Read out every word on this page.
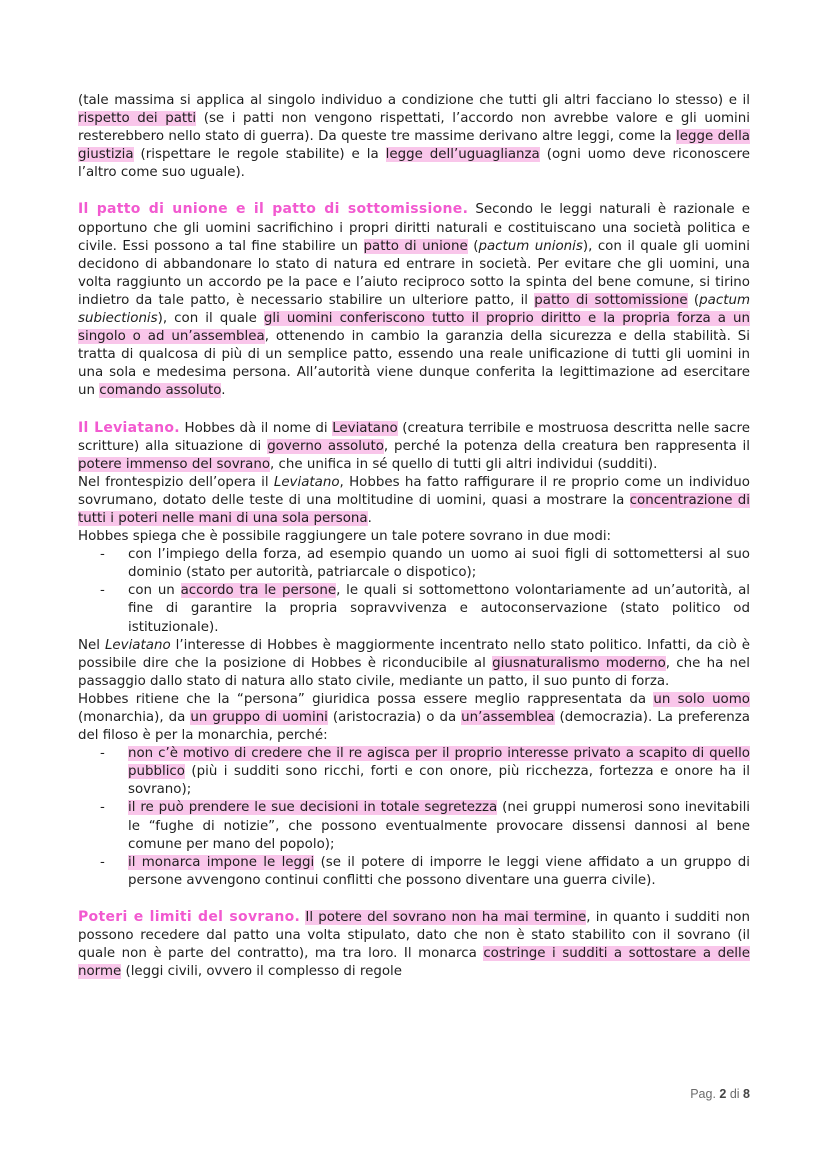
(tale massima si applica al singolo individuo a condizione che tutti gli altri facciano lo stesso) e il rispetto dei patti (se i patti non vengono rispettati, l’accordo non avrebbe valore e gli uomini resterebbero nello stato di guerra). Da queste tre massime derivano altre leggi, come la legge della giustizia (rispettare le regole stabilite) e la legge dell’uguaglianza (ogni uomo deve riconoscere l’altro come suo uguale).

Il patto di unione e il patto di sottomissione. Secondo le leggi naturali è razionale e opportuno che gli uomini sacrifichino i propri diritti naturali e costituiscano una società politica e civile. Essi possono a tal fine stabilire un patto di unione (pactum unionis), con il quale gli uomini decidono di abbandonare lo stato di natura ed entrare in società. Per evitare che gli uomini, una volta raggiunto un accordo pe la pace e l’aiuto reciproco sotto la spinta del bene comune, si tirino indietro da tale patto, è necessario stabilire un ulteriore patto, il patto di sottomissione (pactum subiectionis), con il quale gli uomini conferiscono tutto il proprio diritto e la propria forza a un singolo o ad un’assemblea, ottenendo in cambio la garanzia della sicurezza e della stabilità. Si tratta di qualcosa di più di un semplice patto, essendo una reale unificazione di tutti gli uomini in una sola e medesima persona. All’autorità viene dunque conferita la legittimazione ad esercitare un comando assoluto.

Il Leviatano. Hobbes dà il nome di Leviatano (creatura terribile e mostruosa descritta nelle sacre scritture) alla situazione di governo assoluto, perché la potenza della creatura ben rappresenta il potere immenso del sovrano, che unifica in sé quello di tutti gli altri individui (sudditi).

Nel frontespizio dell’opera il Leviatano, Hobbes ha fatto raffigurare il re proprio come un individuo sovrumano, dotato delle teste di una moltitudine di uomini, quasi a mostrare la concentrazione di tutti i poteri nelle mani di una sola persona.

Hobbes spiega che è possibile raggiungere un tale potere sovrano in due modi:

- con l’impiego della forza, ad esempio quando un uomo ai suoi figli di sottomettersi al suo dominio (stato per autorità, patriarcale o dispotico);
- con un accordo tra le persone, le quali si sottomettono volontariamente ad un’autorità, al fine di garantire la propria sopravvivenza e autoconservazione (stato politico od istituzionale).

Nel Leviatano l’interesse di Hobbes è maggiormente incentrato nello stato politico. Infatti, da ciò è possibile dire che la posizione di Hobbes è riconducibile al giusnaturalismo moderno, che ha nel passaggio dallo stato di natura allo stato civile, mediante un patto, il suo punto di forza.

Hobbes ritiene che la “persona” giuridica possa essere meglio rappresentata da un solo uomo (monarchia), da un gruppo di uomini (aristocrazia) o da un’assemblea (democrazia). La preferenza del filoso è per la monarchia, perché:

- non c’è motivo di credere che il re agisca per il proprio interesse privato a scapito di quello pubblico (più i sudditi sono ricchi, forti e con onore, più ricchezza, fortezza e onore ha il sovrano);
- il re può prendere le sue decisioni in totale segretezza (nei gruppi numerosi sono inevitabili le “fughe di notizie”, che possono eventualmente provocare dissensi dannosi al bene comune per mano del popolo);
- il monarca impone le leggi (se il potere di imporre le leggi viene affidato a un gruppo di persone avvengono continui conflitti che possono diventare una guerra civile).

Poteri e limiti del sovrano. Il potere del sovrano non ha mai termine, in quanto i sudditi non possono recedere dal patto una volta stipulato, dato che non è stato stabilito con il sovrano (il quale non è parte del contratto), ma tra loro. Il monarca costringe i sudditi a sottostare a delle norme (leggi civili, ovvero il complesso di regole

Pag. 2 di 8
